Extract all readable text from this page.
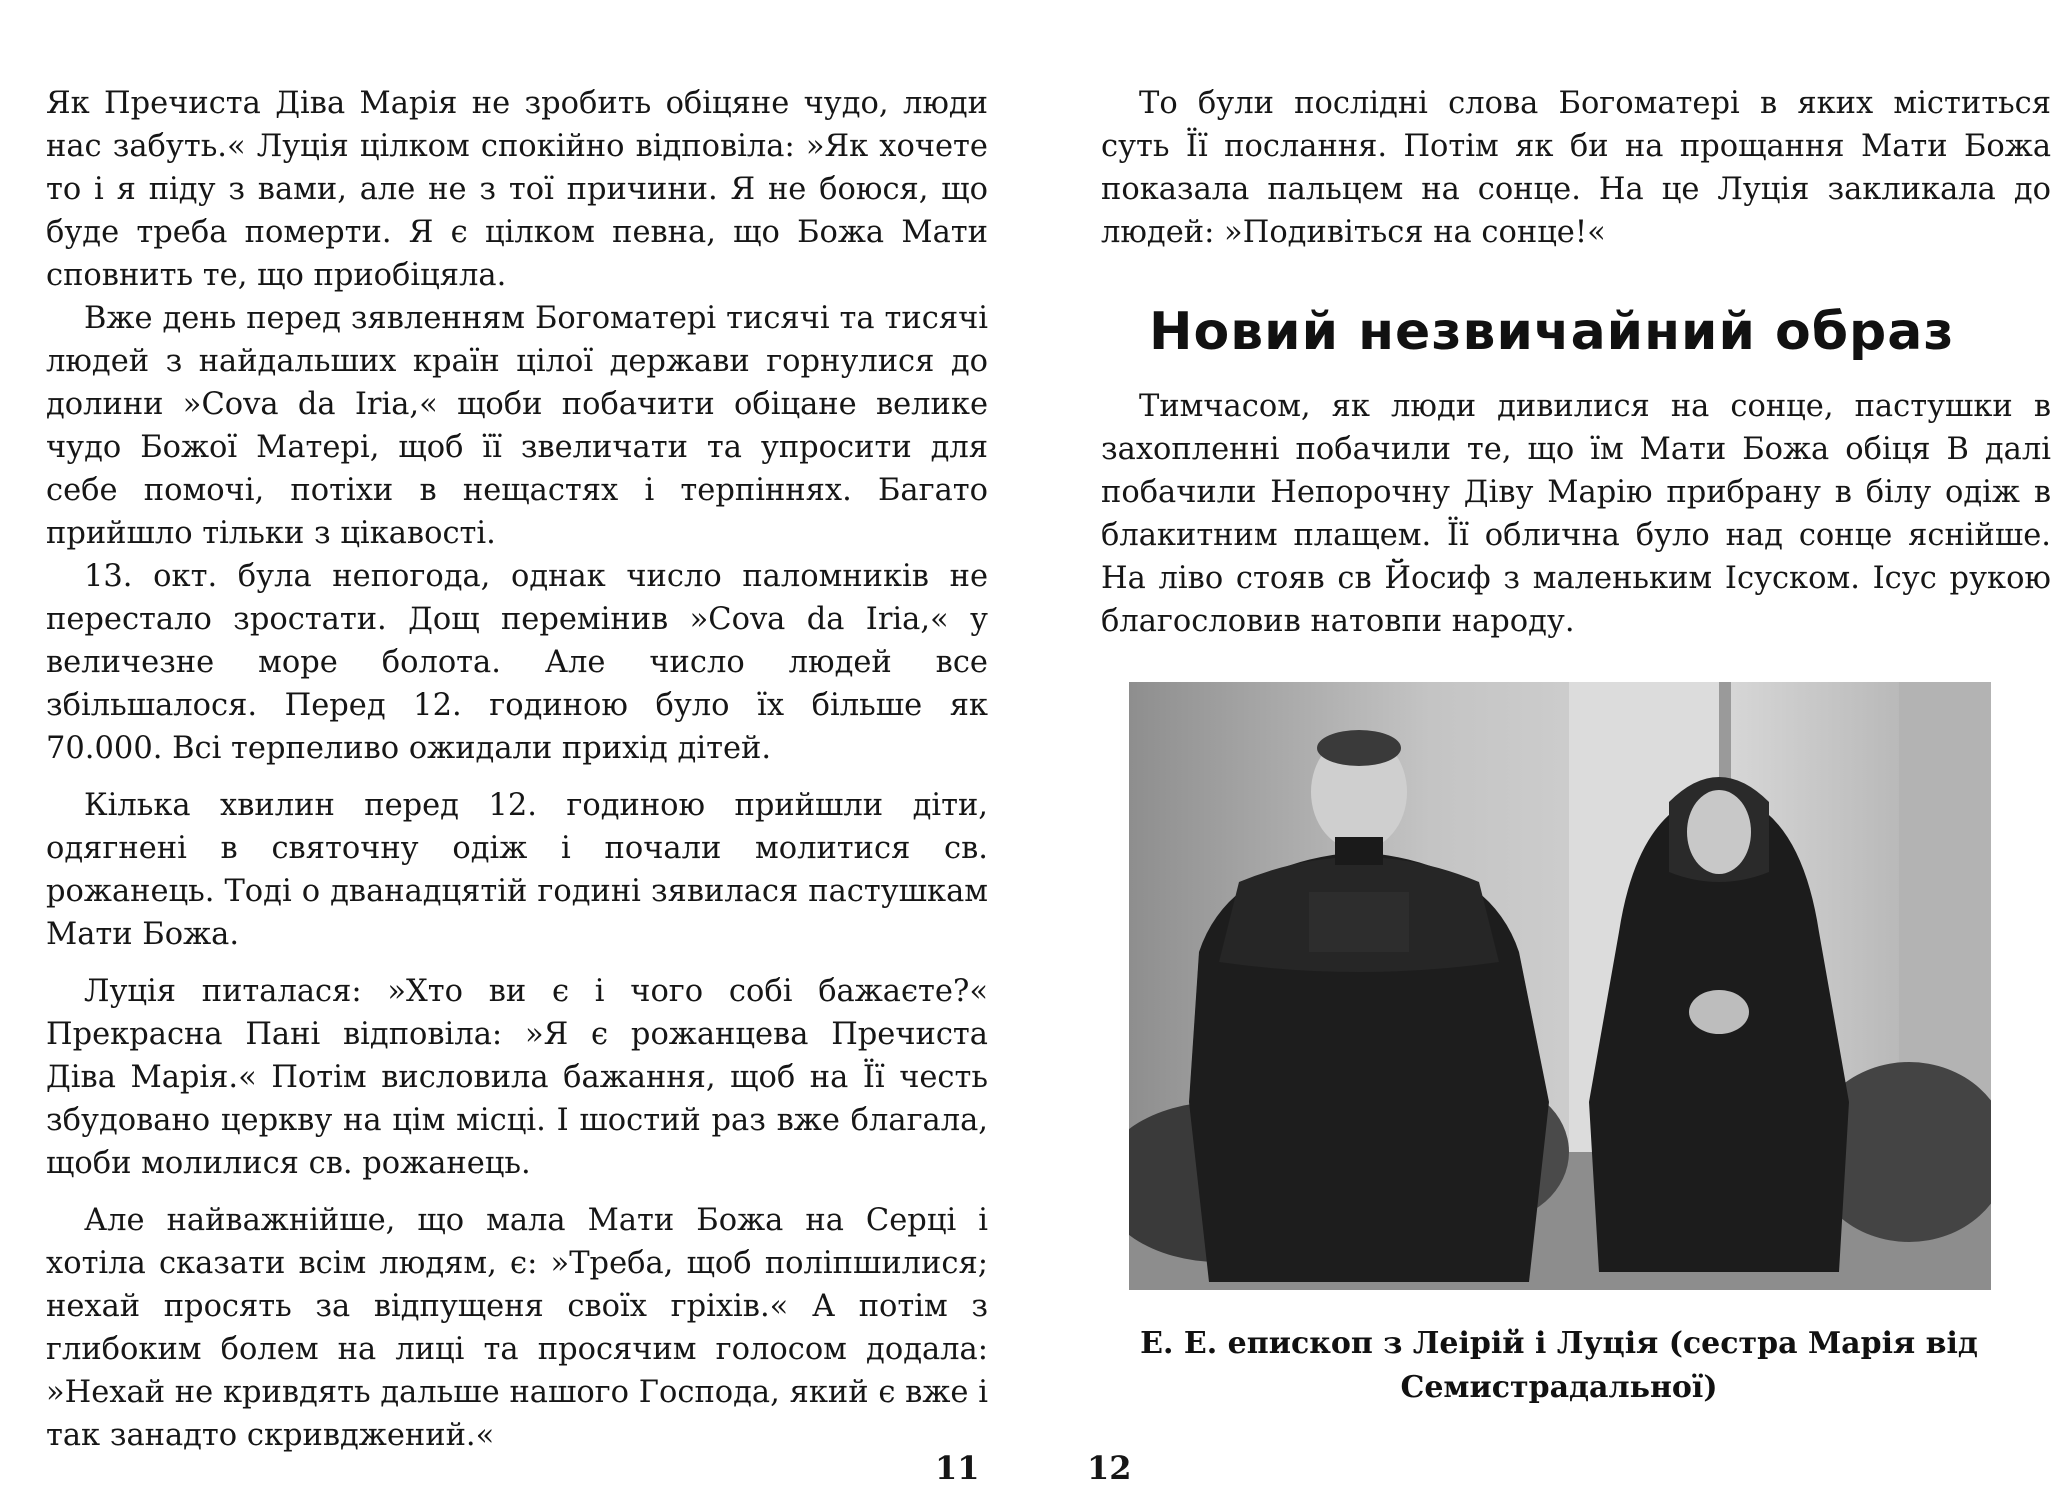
Як Пречиста Діва Марія не зробить обіцяне чудо, люди нас забуть.« Луція цілком спокійно відповіла: »Як хочете то і я піду з вами, але не з тої причини. Я не боюся, що буде треба померти. Я є цілком певна, що Божа Мати сповнить те, що приобіцяла.

Вже день перед зявленням Богоматері тисячі та тисячі людей з найдальших країн цілої держави горнулися до долини »Cova da Iria,« щоби побачити обіцане велике чудо Божої Матері, щоб її звеличати та упросити для себе помочі, потіхи в нещастях і терпіннях. Багато прийшло тільки з цікавості.

13. окт. була непогода, однак число паломників не перестало зростати. Дощ перемінив »Cova da Iria,« у величезне море болота. Але число людей все збільшалося. Перед 12. годиною було їх більше як 70.000. Всі терпеливо ожидали прихід дітей.

Кілька хвилин перед 12. годиною прийшли діти, одягнені в святочну одіж і почали молитися св. рожанець. Тоді о дванадцятій годині зявилася пастушкам Мати Божа.

Луція питалася: »Хто ви є і чого собі бажаєте?« Прекрасна Пані відповіла: »Я є рожанцева Пречиста Діва Марія.« Потім висловила бажання, щоб на Її честь збудовано церкву на цім місці. І шостий раз вже благала, щоби молилися св. рожанець.

Але найважнійше, що мала Мати Божа на Серці і хотіла сказати всім людям, є: »Треба, щоб поліпшилися; нехай просять за відпущеня своїх гріхів.« А потім з глибоким болем на лиці та просячим голосом додала: »Нехай не кривдять дальше нашого Господа, який є вже і так занадто скривджений.«

11

То були послідні слова Богоматері в яких міститься суть Її послання. Потім як би на прощання Мати Божа показала пальцем на сонце. На це Луція закликала до людей: »Подивіться на сонце!«

Новий незвичайний образ

Тимчасом, як люди дивилися на сонце, пастушки в захопленні побачили те, що їм Мати Божа обіця В далі побачили Непорочну Діву Марію прибрану в білу одіж в блакитним плащем. Її облична було над сонце яснійше. На ліво стояв св Йосиф з маленьким Ісуском. Ісус рукою благословив натовпи народу.

Е. Е. епископ з Леірій і Луція (сестра Марія від Семистрадальної)
12
